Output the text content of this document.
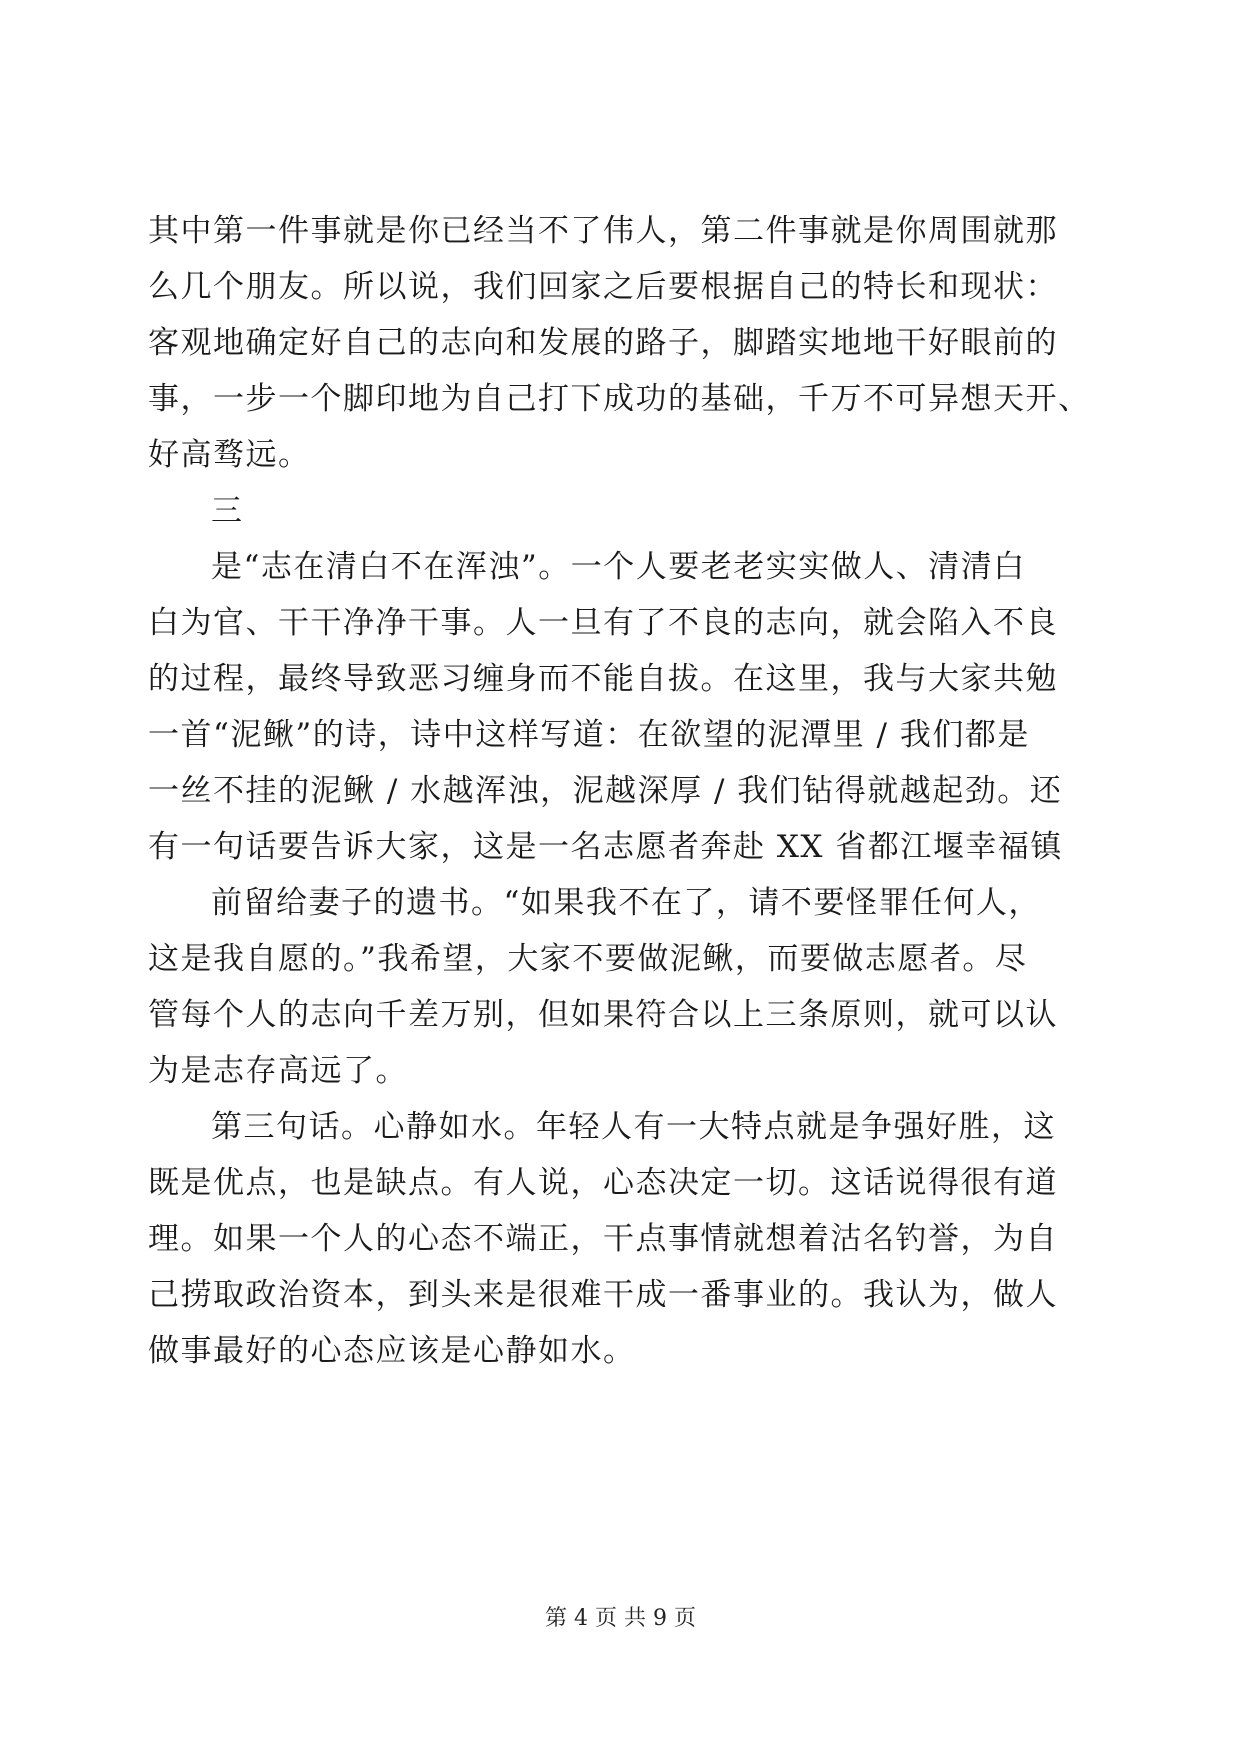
其中第一件事就是你已经当不了伟人，第二件事就是你周围就那
么几个朋友。所以说，我们回家之后要根据自己的特长和现状：
客观地确定好自己的志向和发展的路子，脚踏实地地干好眼前的
事，一步一个脚印地为自己打下成功的基础，千万不可异想天开、
好高骛远。
三
是“志在清白不在浑浊”。一个人要老老实实做人、清清白
白为官、干干净净干事。人一旦有了不良的志向，就会陷入不良
的过程，最终导致恶习缠身而不能自拔。在这里，我与大家共勉
一首“泥鳅”的诗，诗中这样写道：在欲望的泥潭里 / 我们都是
一丝不挂的泥鳅 / 水越浑浊，泥越深厚 / 我们钻得就越起劲。还
有一句话要告诉大家，这是一名志愿者奔赴 XX 省都江堰幸福镇
前留给妻子的遗书。“如果我不在了，请不要怪罪任何人，
这是我自愿的。”我希望，大家不要做泥鳅，而要做志愿者。尽
管每个人的志向千差万别，但如果符合以上三条原则，就可以认
为是志存高远了。
第三句话。心静如水。年轻人有一大特点就是争强好胜，这
既是优点，也是缺点。有人说，心态决定一切。这话说得很有道
理。如果一个人的心态不端正，干点事情就想着沽名钓誉，为自
己捞取政治资本，到头来是很难干成一番事业的。我认为，做人
做事最好的心态应该是心静如水。
第 4 页 共 9 页
